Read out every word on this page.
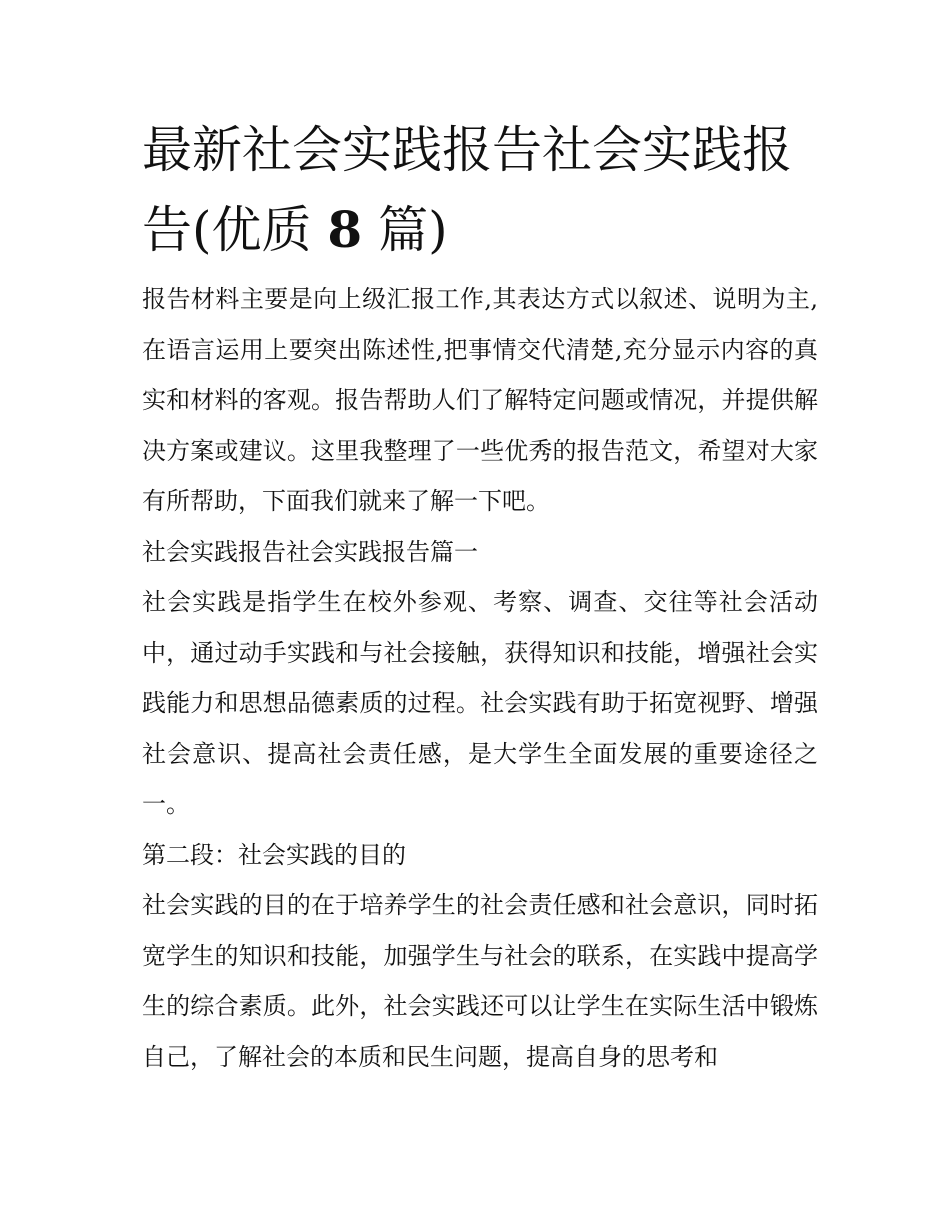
最新社会实践报告社会实践报告(优质 8 篇)

报告材料主要是向上级汇报工作,其表达方式以叙述、说明为主,在语言运用上要突出陈述性,把事情交代清楚,充分显示内容的真实和材料的客观。报告帮助人们了解特定问题或情况，并提供解决方案或建议。这里我整理了一些优秀的报告范文，希望对大家有所帮助，下面我们就来了解一下吧。

社会实践报告社会实践报告篇一

社会实践是指学生在校外参观、考察、调查、交往等社会活动中，通过动手实践和与社会接触，获得知识和技能，增强社会实践能力和思想品德素质的过程。社会实践有助于拓宽视野、增强社会意识、提高社会责任感，是大学生全面发展的重要途径之一。

第二段：社会实践的目的

社会实践的目的在于培养学生的社会责任感和社会意识，同时拓宽学生的知识和技能，加强学生与社会的联系，在实践中提高学生的综合素质。此外，社会实践还可以让学生在实际生活中锻炼自己，了解社会的本质和民生问题，提高自身的思考和
